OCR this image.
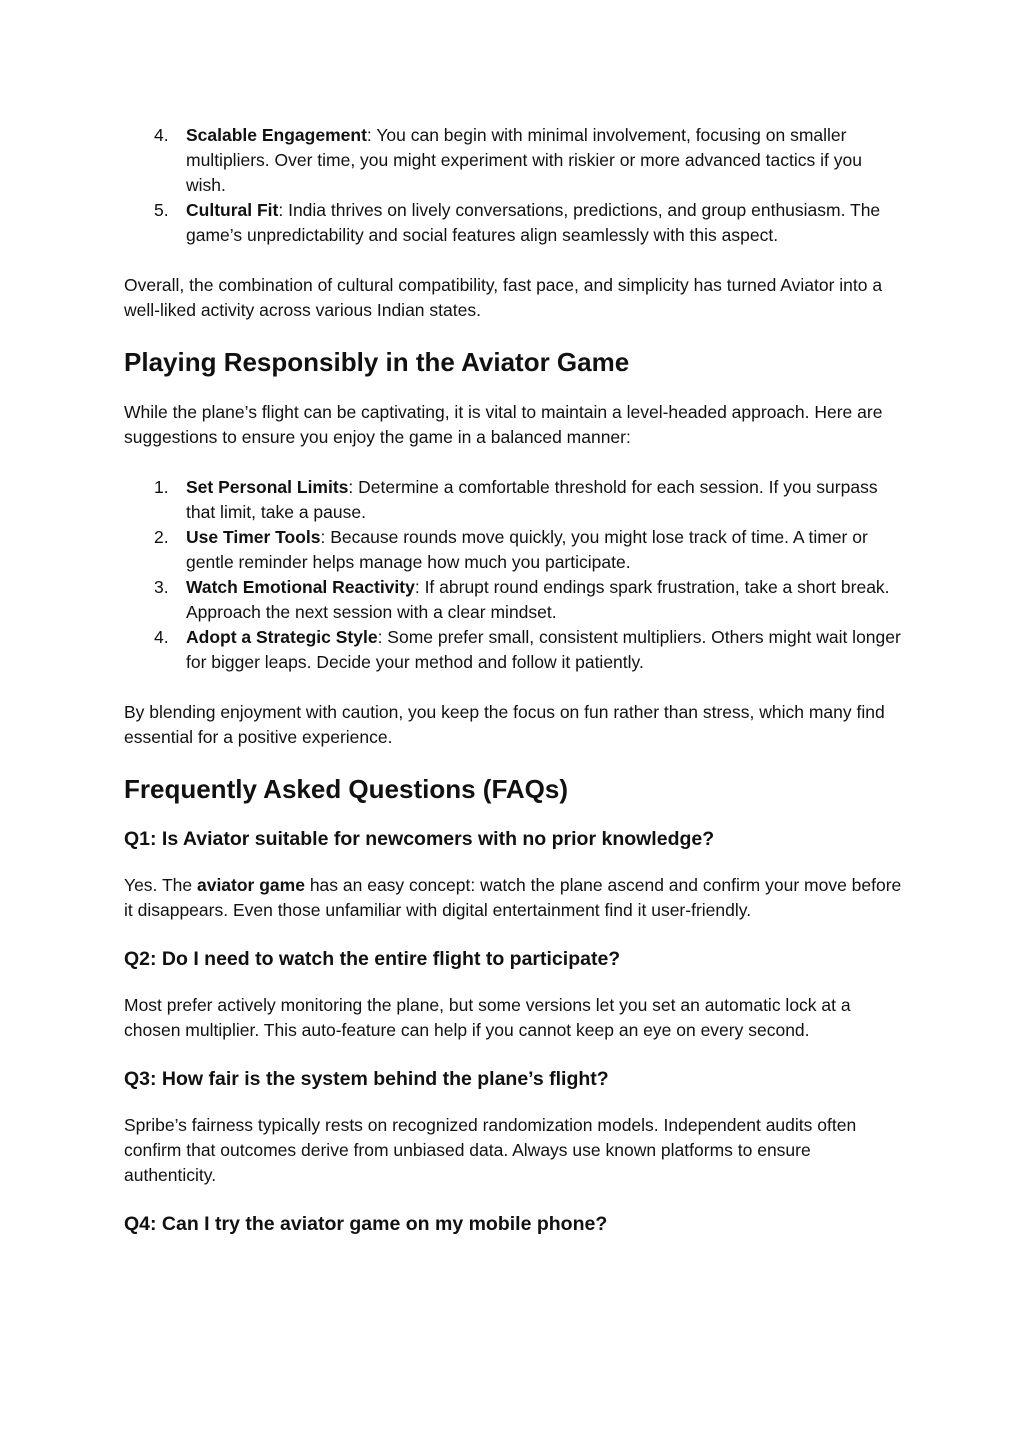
4. Scalable Engagement: You can begin with minimal involvement, focusing on smaller multipliers. Over time, you might experiment with riskier or more advanced tactics if you wish.
5. Cultural Fit: India thrives on lively conversations, predictions, and group enthusiasm. The game’s unpredictability and social features align seamlessly with this aspect.

Overall, the combination of cultural compatibility, fast pace, and simplicity has turned Aviator into a well-liked activity across various Indian states.

Playing Responsibly in the Aviator Game

While the plane’s flight can be captivating, it is vital to maintain a level-headed approach. Here are suggestions to ensure you enjoy the game in a balanced manner:

1. Set Personal Limits: Determine a comfortable threshold for each session. If you surpass that limit, take a pause.
2. Use Timer Tools: Because rounds move quickly, you might lose track of time. A timer or gentle reminder helps manage how much you participate.
3. Watch Emotional Reactivity: If abrupt round endings spark frustration, take a short break. Approach the next session with a clear mindset.
4. Adopt a Strategic Style: Some prefer small, consistent multipliers. Others might wait longer for bigger leaps. Decide your method and follow it patiently.

By blending enjoyment with caution, you keep the focus on fun rather than stress, which many find essential for a positive experience.

Frequently Asked Questions (FAQs)
Q1: Is Aviator suitable for newcomers with no prior knowledge?

Yes. The aviator game has an easy concept: watch the plane ascend and confirm your move before it disappears. Even those unfamiliar with digital entertainment find it user-friendly.

Q2: Do I need to watch the entire flight to participate?

Most prefer actively monitoring the plane, but some versions let you set an automatic lock at a chosen multiplier. This auto-feature can help if you cannot keep an eye on every second.

Q3: How fair is the system behind the plane’s flight?

Spribe’s fairness typically rests on recognized randomization models. Independent audits often confirm that outcomes derive from unbiased data. Always use known platforms to ensure authenticity.

Q4: Can I try the aviator game on my mobile phone?
